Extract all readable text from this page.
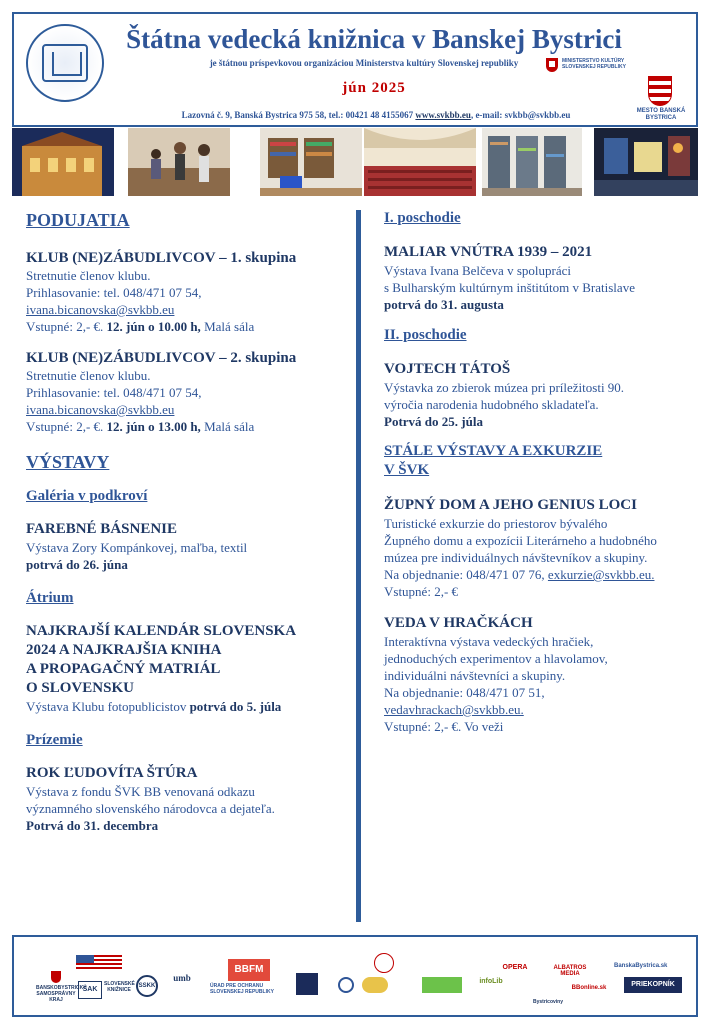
Štátna vedecká knižnica v Banskej Bystrici
je štátnou príspevkovou organizáciou Ministerstva kultúry Slovenskej republiky
jún 2025
Lazovná č. 9, Banská Bystrica 975 58, tel.: 00421 48 4155067 www.svkbb.eu, e-mail: svkbb@svkbb.eu
MINISTERSTVO KULTÚRY SLOVENSKEJ REPUBLIKY
MESTO BANSKÁ BYSTRICA
PODUJATIA
KLUB (NE)ZÁBUDLIVCOV – 1. skupina
Stretnutie členov klubu.
Prihlasovanie: tel. 048/471 07 54,
ivana.bicanovska@svkbb.eu
Vstupné: 2,- €. 12. jún o 10.00 h, Malá sála
KLUB (NE)ZÁBUDLIVCOV – 2. skupina
Stretnutie členov klubu.
Prihlasovanie: tel. 048/471 07 54,
ivana.bicanovska@svkbb.eu
Vstupné: 2,- €. 12. jún o 13.00 h, Malá sála
VÝSTAVY
Galéria v podkroví
FAREBNÉ BÁSNENIE
Výstava Zory Kompánkovej, maľba, textil
potrvá do 26. júna
Átrium
NAJKRAJŠÍ KALENDÁR SLOVENSKA
2024 A NAJKRAJŠIA KNIHA
A PROPAGAČNÝ MATRIÁL
O SLOVENSKU
Výstava Klubu fotopublicistov potrvá do 5. júla
Prízemie
ROK ĽUDOVÍTA ŠTÚRA
Výstava z fondu ŠVK BB venovaná odkazu
významného slovenského národovca a dejateľa.
Potrvá do 31. decembra
I. poschodie
MALIAR VNÚTRA 1939 – 2021
Výstava Ivana Belčeva v spolupráci
s Bulharským kultúrnym inštitútom v Bratislave
potrvá do 31. augusta
II. poschodie
VOJTECH TÁTOŠ
Výstavka zo zbierok múzea pri príležitosti 90.
výročia narodenia hudobného skladateľa.
Potrvá do 25. júla
STÁLE VÝSTAVY A EXKURZIE
V ŠVK
ŽUPNÝ DOM A JEHO GENIUS LOCI
Turistické exkurzie do priestorov bývalého
Župného domu a expozícii Literárneho a hudobného
múzea pre individuálnych návštevníkov a skupiny.
Na objednanie: 048/471 07 76, exkurzie@svkbb.eu.
Vstupné: 2,- €
VEDA V HRAČKÁCH
Interaktívna výstava vedeckých hračiek,
jednoduchých experimentov a hlavolamov,
individuálni návštevníci a skupiny.
Na objednanie: 048/471 07 51,
vedavhrackach@svkbb.eu.
Vstupné: 2,- €. Vo veži
BANSKOBYSTRICKÝ SAMOSPRÁVNY KRAJ
SAK
SLOVENSKÉ KNIŽNICE
SSKK
umb
BBFM
ÚRAD PRE OCHRANU SLOVENSKEJ REPUBLIKY
infoLib
OPERA	ALBATROS MEDIA
BanskaBystrica.sk
PRIEKOPNÍK
BBonline.sk
Bystricoviny
